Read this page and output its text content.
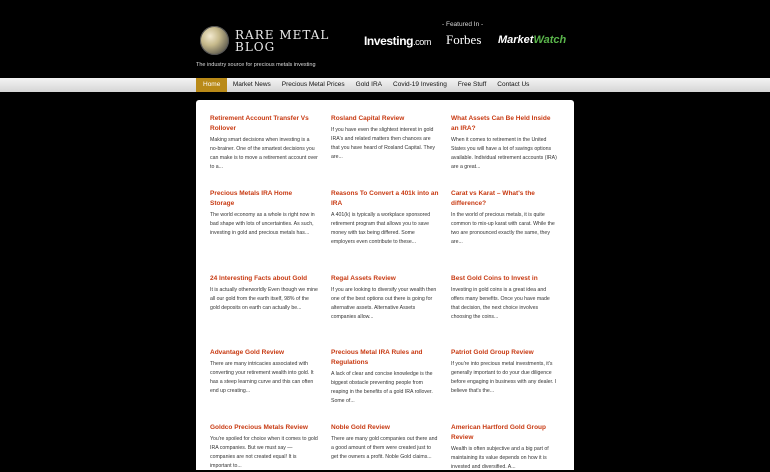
RARE METAL
BLOG
The industry source for precious metals investing
- Featured In -
Investing.com Forbes MarketWatch
Home	Market News	Precious Metal Prices	Gold IRA	Covid-19 Investing	Free Stuff	Contact Us
Retirement Account Transfer Vs Rollover
Making smart decisions when investing is a no-brainer. One of the smartest decisions you can make is to move a retirement account over to a...
Rosland Capital Review
If you have even the slightest interest in gold IRA's and related matters then chances are that you have heard of Rosland Capital. They are...
What Assets Can Be Held Inside an IRA?
When it comes to retirement in the United States you will have a lot of savings options available. Individual retirement accounts (IRA) are a great...
Precious Metals IRA Home Storage
The world economy as a whole is right now in bad shape with lots of uncertainties. As such, investing in gold and precious metals has...
Reasons To Convert a 401k into an IRA
A 401(k) is typically a workplace sponsored retirement program that allows you to save money with tax being differed. Some employers even contribute to these...
Carat vs Karat – What's the difference?
In the world of precious metals, it is quite common to mix-up karat with carat. While the two are pronounced exactly the same, they are...
24 Interesting Facts about Gold
It is actually otherworldly Even though we mine all our gold from the earth itself, 98% of the gold deposits on earth can actually be...
Regal Assets Review
If you are looking to diversify your wealth then one of the best options out there is going for alternative assets. Alternative Assets companies allow...
Best Gold Coins to Invest in
Investing in gold coins is a great idea and offers many benefits. Once you have made that decision, the next choice involves choosing the coins...
Advantage Gold Review
There are many intricacies associated with converting your retirement wealth into gold. It has a steep learning curve and this can often end up creating...
Precious Metal IRA Rules and Regulations
A lack of clear and concise knowledge is the biggest obstacle preventing people from reaping in the benefits of a gold IRA rollover. Some of...
Patriot Gold Group Review
If you're into precious metal investments, it's generally important to do your due diligence before engaging in business with any dealer. I believe that's the...
Goldco Precious Metals Review
You're spoiled for choice when it comes to gold IRA companies. But we must say — companies are not created equal! It is important to...
Noble Gold Review
There are many gold companies out there and a good amount of them were created just to get the owners a profit. Noble Gold claims...
American Hartford Gold Group Review
Wealth is often subjective and a big part of maintaining its value depends on how it is invested and diversified. A...
